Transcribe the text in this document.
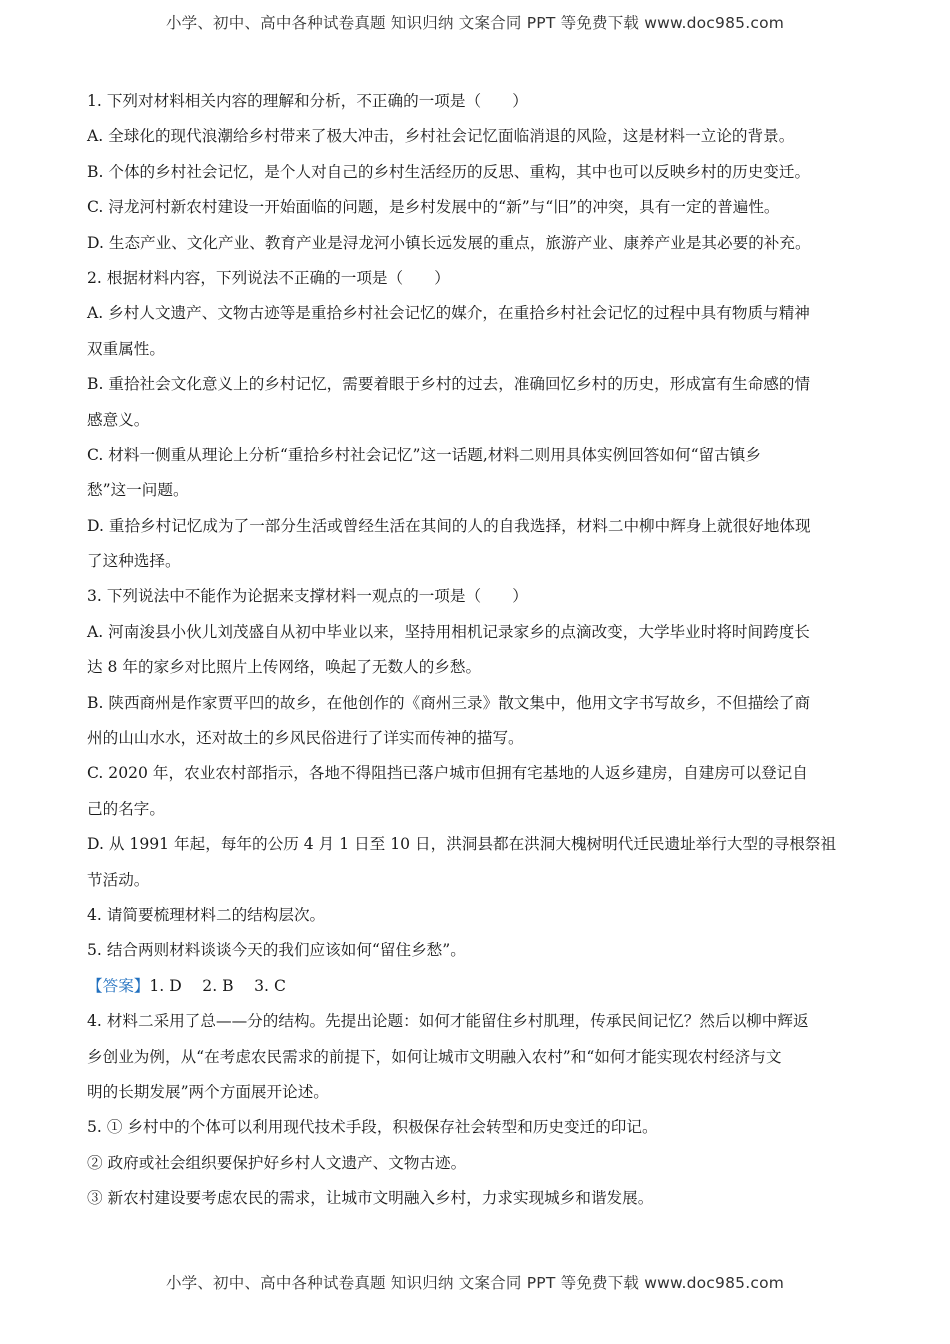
小学、初中、高中各种试卷真题 知识归纳 文案合同 PPT 等免费下载 www.doc985.com
1. 下列对材料相关内容的理解和分析，不正确的一项是（　　）
A. 全球化的现代浪潮给乡村带来了极大冲击，乡村社会记忆面临消退的风险，这是材料一立论的背景。
B. 个体的乡村社会记忆，是个人对自己的乡村生活经历的反思、重构，其中也可以反映乡村的历史变迁。
C. 浔龙河村新农村建设一开始面临的问题，是乡村发展中的“新”与“旧”的冲突，具有一定的普遍性。
D. 生态产业、文化产业、教育产业是浔龙河小镇长远发展的重点，旅游产业、康养产业是其必要的补充。
2. 根据材料内容，下列说法不正确的一项是（　　）
A. 乡村人文遗产、文物古迹等是重拾乡村社会记忆的媒介，在重拾乡村社会记忆的过程中具有物质与精神
双重属性。
B. 重拾社会文化意义上的乡村记忆，需要着眼于乡村的过去，准确回忆乡村的历史，形成富有生命感的情
感意义。
C. 材料一侧重从理论上分析“重拾乡村社会记忆”这一话题,材料二则用具体实例回答如何“留古镇乡
愁”这一问题。
D. 重拾乡村记忆成为了一部分生活或曾经生活在其间的人的自我选择，材料二中柳中辉身上就很好地体现
了这种选择。
3. 下列说法中不能作为论据来支撑材料一观点的一项是（　　）
A. 河南浚县小伙儿刘茂盛自从初中毕业以来，坚持用相机记录家乡的点滴改变，大学毕业时将时间跨度长
达 8 年的家乡对比照片上传网络，唤起了无数人的乡愁。
B. 陕西商州是作家贾平凹的故乡，在他创作的《商州三录》散文集中，他用文字书写故乡，不但描绘了商
州的山山水水，还对故土的乡风民俗进行了详实而传神的描写。
C. 2020 年，农业农村部指示，各地不得阻挡已落户城市但拥有宅基地的人返乡建房，自建房可以登记自
己的名字。
D. 从 1991 年起，每年的公历 4 月 1 日至 10 日，洪洞县都在洪洞大槐树明代迁民遗址举行大型的寻根祭祖
节活动。
4. 请简要梳理材料二的结构层次。
5. 结合两则材料谈谈今天的我们应该如何“留住乡愁”。
【答案】1. D　 2. B　 3. C
4. 材料二采用了总——分的结构。先提出论题：如何才能留住乡村肌理，传承民间记忆？然后以柳中辉返
乡创业为例，从“在考虑农民需求的前提下，如何让城市文明融入农村”和“如何才能实现农村经济与文
明的长期发展”两个方面展开论述。
5. ① 乡村中的个体可以利用现代技术手段，积极保存社会转型和历史变迁的印记。
② 政府或社会组织要保护好乡村人文遗产、文物古迹。
③ 新农村建设要考虑农民的需求，让城市文明融入乡村，力求实现城乡和谐发展。
小学、初中、高中各种试卷真题 知识归纳 文案合同 PPT 等免费下载 www.doc985.com
